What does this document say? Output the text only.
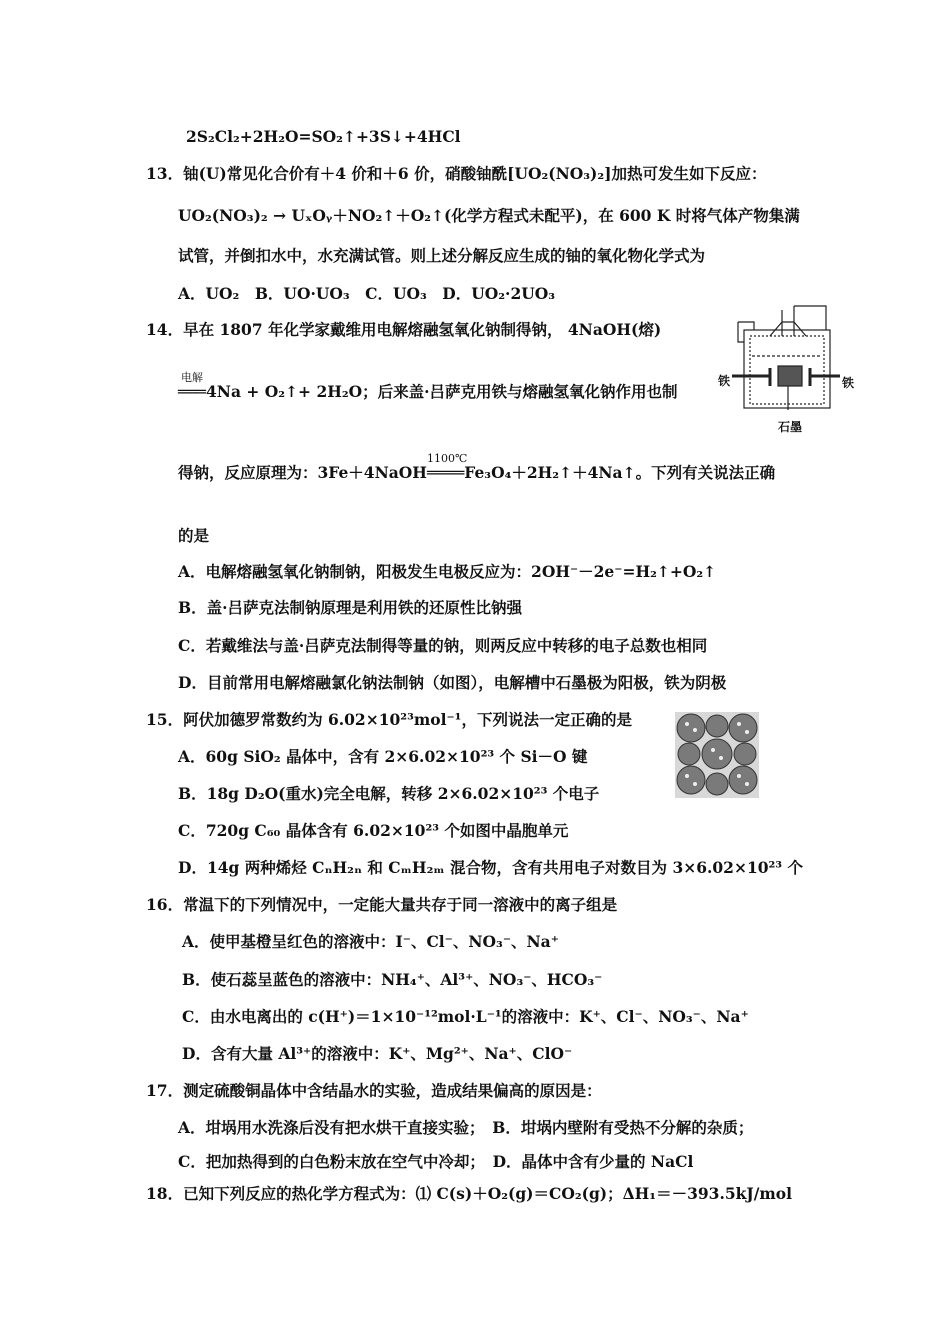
2S₂Cl₂+2H₂O=SO₂↑+3S↓+4HCl
13．铀(U)常见化合价有＋4 价和＋6 价，硝酸铀酰[UO₂(NO₃)₂]加热可发生如下反应：
UO₂(NO₃)₂ → UₓOᵧ＋NO₂↑＋O₂↑(化学方程式未配平)，在 600 K 时将气体产物集满
试管，并倒扣水中，水充满试管。则上述分解反应生成的铀的氧化物化学式为
A．UO₂　B．UO·UO₃　C．UO₃　D．UO₂·2UO₃
14．早在 1807 年化学家戴维用电解熔融氢氧化钠制得钠， 4NaOH(熔)
电解
═══4Na + O₂↑+ 2H₂O；后来盖·吕萨克用铁与熔融氢氧化钠作用也制
铁	铁
石墨
得钠，反应原理为：3Fe＋4NaOH
1100℃
════Fe₃O₄＋2H₂↑＋4Na↑。下列有关说法正确
的是
A．电解熔融氢氧化钠制钠，阳极发生电极反应为：2OH⁻－2e⁻=H₂↑+O₂↑
B．盖·吕萨克法制钠原理是利用铁的还原性比钠强
C．若戴维法与盖·吕萨克法制得等量的钠，则两反应中转移的电子总数也相同
D．目前常用电解熔融氯化钠法制钠（如图），电解槽中石墨极为阳极，铁为阴极
15．阿伏加德罗常数约为 6.02×10²³mol⁻¹，下列说法一定正确的是
A．60g SiO₂ 晶体中，含有 2×6.02×10²³ 个 Si－O 键
B．18g D₂O(重水)完全电解，转移 2×6.02×10²³ 个电子
C．720g C₆₀ 晶体含有 6.02×10²³ 个如图中晶胞单元
D．14g 两种烯烃 CₙH₂ₙ 和 CₘH₂ₘ 混合物，含有共用电子对数目为 3×6.02×10²³ 个
16．常温下的下列情况中，一定能大量共存于同一溶液中的离子组是
A．使甲基橙呈红色的溶液中：I⁻、Cl⁻、NO₃⁻、Na⁺
B．使石蕊呈蓝色的溶液中：NH₄⁺、Al³⁺、NO₃⁻、HCO₃⁻
C．由水电离出的 c(H⁺)＝1×10⁻¹²mol·L⁻¹的溶液中：K⁺、Cl⁻、NO₃⁻、Na⁺
D．含有大量 Al³⁺的溶液中：K⁺、Mg²⁺、Na⁺、ClO⁻
17．测定硫酸铜晶体中含结晶水的实验，造成结果偏高的原因是：
A．坩埚用水洗涤后没有把水烘干直接实验；　B．坩埚内壁附有受热不分解的杂质；
C．把加热得到的白色粉末放在空气中冷却；　D．晶体中含有少量的 NaCl
18．已知下列反应的热化学方程式为：⑴ C(s)＋O₂(g)＝CO₂(g)；ΔH₁＝－393.5kJ/mol
